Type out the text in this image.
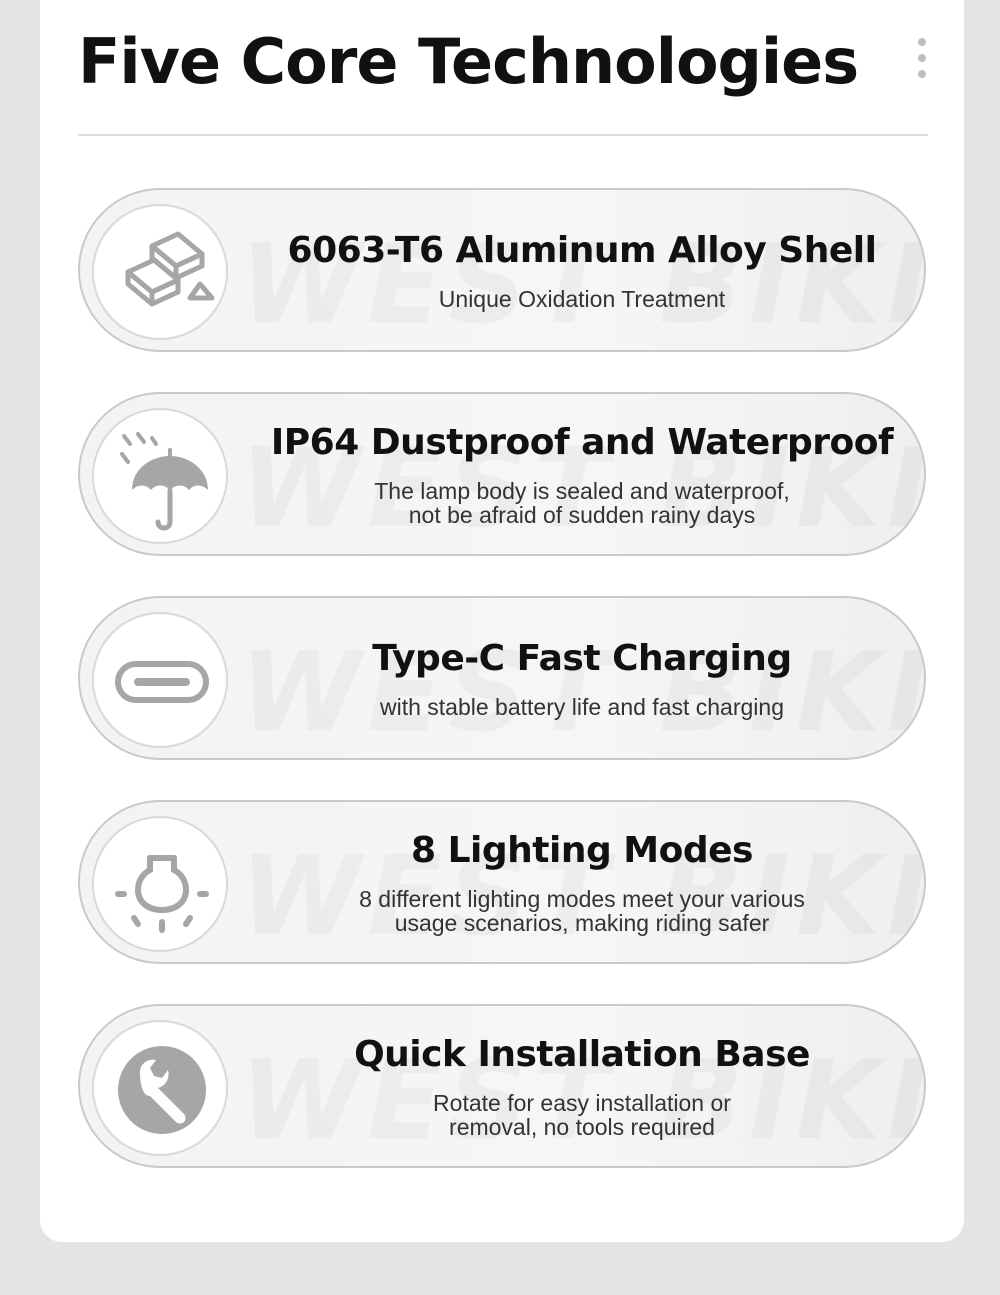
Five Core Technologies
6063-T6 Aluminum Alloy Shell
Unique Oxidation Treatment
IP64 Dustproof and Waterproof
The lamp body is sealed and waterproof,
not be afraid of sudden rainy days
Type-C Fast Charging
with stable battery life and fast charging
8 Lighting Modes
8 different lighting modes meet your various
usage scenarios, making riding safer
Quick Installation Base
Rotate for easy installation or
removal, no tools required
